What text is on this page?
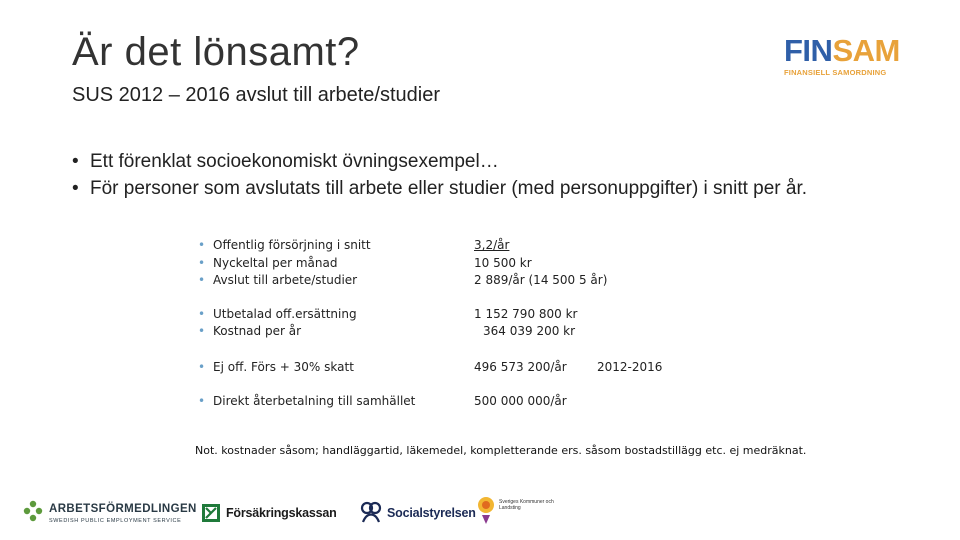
Är det lönsamt?
SUS 2012 – 2016 avslut till arbete/studier
FINSAM
FINANSIELL SAMORDNING
• Ett förenklat socioekonomiskt övningsexempel…
• För personer som avslutats till arbete eller studier (med personuppgifter) i snitt per år.
• Offentlig försörjning i snitt	3,2/år
• Nyckeltal per månad	10 500 kr
• Avslut till arbete/studier	2 889/år (14 500 5 år)
• Utbetalad off.ersättning	1 152 790 800 kr
• Kostnad per år	364 039 200 kr
• Ej off. Förs + 30% skatt	496 573 200/år	2012-2016
• Direkt återbetalning till samhället	500 000 000/år
Not. kostnader såsom; handläggartid, läkemedel, kompletterande ers. såsom bostadstillägg etc. ej medräknat.
ARBETSFÖRMEDLINGEN
SWEDISH PUBLIC EMPLOYMENT SERVICE
Försäkringskassan	Socialstyrelsen
Sveriges Kommuner och Landsting
